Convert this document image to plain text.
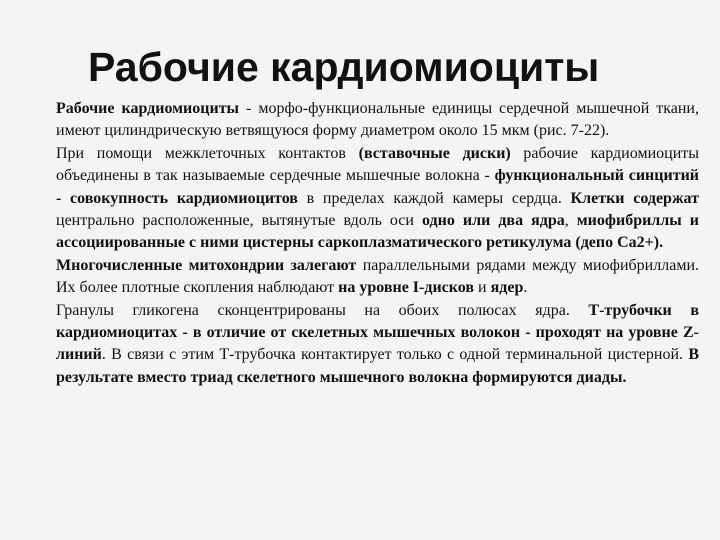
Рабочие кардиомиоциты

Рабочие кардиомиоциты - морфо-функциональные единицы сердечной мышечной ткани, имеют цилиндрическую ветвящуюся форму диаметром около 15 мкм (рис. 7-22).

При помощи межклеточных контактов (вставочные диски) рабочие кардиомиоциты объединены в так называемые сердечные мышечные волокна - функциональный синцитий - совокупность кардиомиоцитов в пределах каждой камеры сердца. Клетки содержат центрально расположенные, вытянутые вдоль оси одно или два ядра, миофибриллы и ассоциированные с ними цистерны саркоплазматического ретикулума (депо Ca2+).

Многочисленные митохондрии залегают параллельными рядами между миофибриллами. Их более плотные скопления наблюдают на уровне I-дисков и ядер.

Гранулы гликогена сконцентрированы на обоих полюсах ядра. Т-трубочки в кардиомиоцитах - в отличие от скелетных мышечных волокон - проходят на уровне Z-линий. В связи с этим Т-трубочка контактирует только с одной терминальной цистерной. В результате вместо триад скелетного мышечного волокна формируются диады.
